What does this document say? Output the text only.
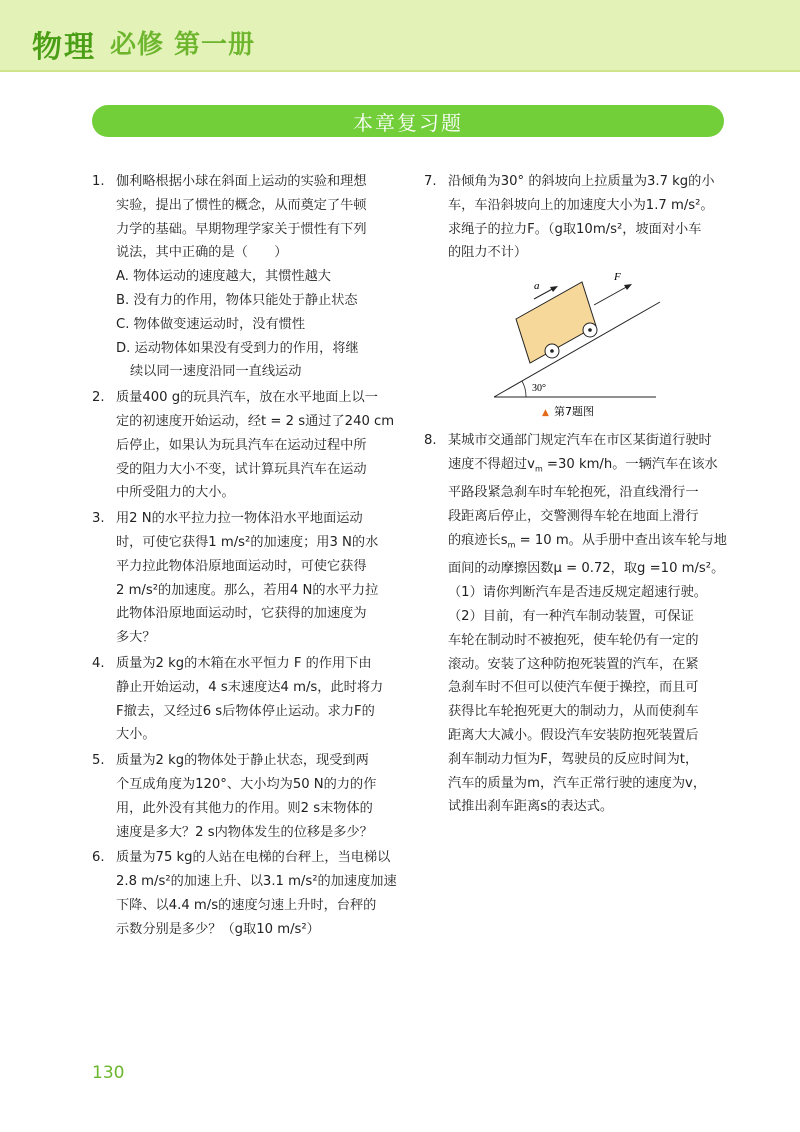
物理 必修 第一册
本章复习题
1. 伽利略根据小球在斜面上运动的实验和理想
实验，提出了惯性的概念，从而奠定了牛顿
力学的基础。早期物理学家关于惯性有下列
说法，其中正确的是（　　）
A. 物体运动的速度越大，其惯性越大
B. 没有力的作用，物体只能处于静止状态
C. 物体做变速运动时，没有惯性
D. 运动物体如果没有受到力的作用，将继
续以同一速度沿同一直线运动
2. 质量400 g的玩具汽车，放在水平地面上以一
定的初速度开始运动，经t = 2 s通过了240 cm
后停止，如果认为玩具汽车在运动过程中所
受的阻力大小不变，试计算玩具汽车在运动
中所受阻力的大小。
3. 用2 N的水平拉力拉一物体沿水平地面运动
时，可使它获得1 m/s²的加速度；用3 N的水
平力拉此物体沿原地面运动时，可使它获得
2 m/s²的加速度。那么，若用4 N的水平力拉
此物体沿原地面运动时，它获得的加速度为
多大？
4. 质量为2 kg的木箱在水平恒力 F 的作用下由
静止开始运动，4 s末速度达4 m/s，此时将力
F撤去，又经过6 s后物体停止运动。求力F的
大小。
5. 质量为2 kg的物体处于静止状态，现受到两
个互成角度为120°、大小均为50 N的力的作
用，此外没有其他力的作用。则2 s末物体的
速度是多大？2 s内物体发生的位移是多少？
6. 质量为75 kg的人站在电梯的台秤上，当电梯以
2.8 m/s²的加速上升、以3.1 m/s²的加速度加速
下降、以4.4 m/s的速度匀速上升时，台秤的
示数分别是多少？（g取10 m/s²）
7. 沿倾角为30° 的斜坡向上拉质量为3.7 kg的小
车，车沿斜坡向上的加速度大小为1.7 m/s²。
求绳子的拉力F。（g取10m/s²，坡面对小车
的阻力不计）
a
F
30°
▲ 第7题图
8. 某城市交通部门规定汽车在市区某街道行驶时
速度不得超过$v_m =30$ km/h。一辆汽车在该水
平路段紧急刹车时车轮抱死，沿直线滑行一
段距离后停止，交警测得车轮在地面上滑行
的痕迹长$s_m = 10$ m。从手册中查出该车轮与地
面间的动摩擦因数μ = 0.72，取g =10 m/s²。
（1）请你判断汽车是否违反规定超速行驶。
（2）目前，有一种汽车制动装置，可保证
车轮在制动时不被抱死，使车轮仍有一定的
滚动。安装了这种防抱死装置的汽车，在紧
急刹车时不但可以使汽车便于操控，而且可
获得比车轮抱死更大的制动力，从而使刹车
距离大大减小。假设汽车安装防抱死装置后
刹车制动力恒为F，驾驶员的反应时间为t，
汽车的质量为m，汽车正常行驶的速度为v，
试推出刹车距离s的表达式。
130
